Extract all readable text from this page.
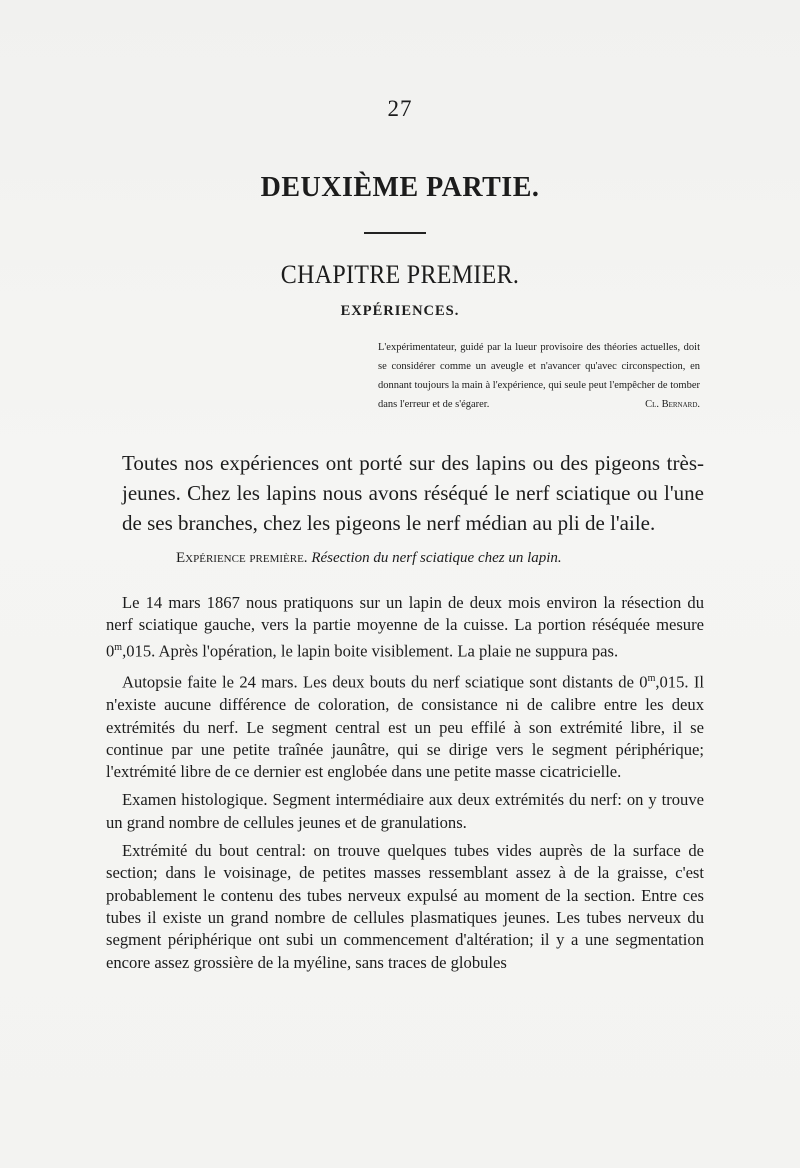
27
DEUXIÈME PARTIE.
CHAPITRE PREMIER.
EXPÉRIENCES.
L'expérimentateur, guidé par la lueur provisoire des théories actuelles, doit se considérer comme un aveugle et n'avancer qu'avec circonspection, en donnant toujours la main à l'expérience, qui seule peut l'empêcher de tomber dans l'erreur et de s'égarer.	Cl. Bernard.
Toutes nos expériences ont porté sur des lapins ou des pigeons très-jeunes. Chez les lapins nous avons réséqué le nerf sciatique ou l'une de ses branches, chez les pigeons le nerf médian au pli de l'aile.
Expérience première. Résection du nerf sciatique chez un lapin.

Le 14 mars 1867 nous pratiquons sur un lapin de deux mois environ la résection du nerf sciatique gauche, vers la partie moyenne de la cuisse. La portion réséquée mesure 0$^m$,015. Après l'opération, le lapin boite visiblement. La plaie ne suppura pas.

Autopsie faite le 24 mars. Les deux bouts du nerf sciatique sont distants de 0$^m$,015. Il n'existe aucune différence de coloration, de consistance ni de calibre entre les deux extrémités du nerf. Le segment central est un peu effilé à son extrémité libre, il se continue par une petite traînée jaunâtre, qui se dirige vers le segment périphérique; l'extrémité libre de ce dernier est englobée dans une petite masse cicatricielle.

Examen histologique. Segment intermédiaire aux deux extrémités du nerf: on y trouve un grand nombre de cellules jeunes et de granulations.

Extrémité du bout central: on trouve quelques tubes vides auprès de la surface de section; dans le voisinage, de petites masses ressemblant assez à de la graisse, c'est probablement le contenu des tubes nerveux expulsé au moment de la section. Entre ces tubes il existe un grand nombre de cellules plasmatiques jeunes. Les tubes nerveux du segment périphérique ont subi un commencement d'altération; il y a une segmentation encore assez grossière de la myéline, sans traces de globules
